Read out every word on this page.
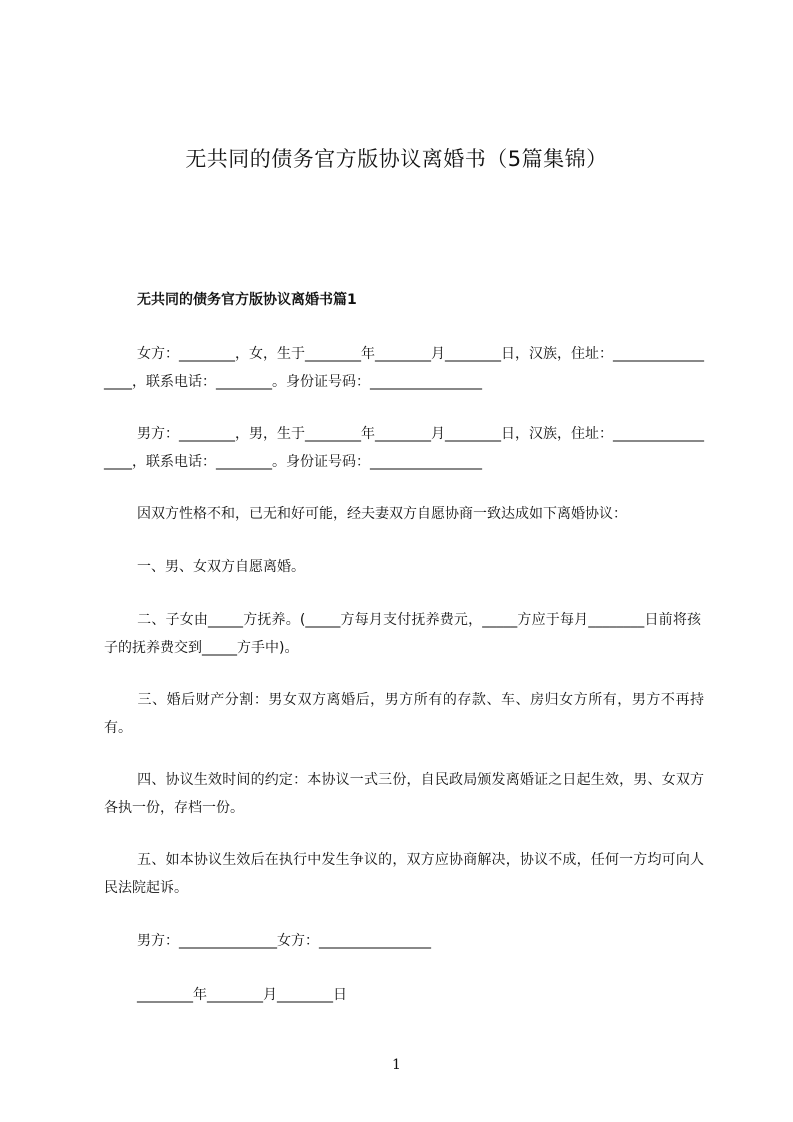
无共同的债务官方版协议离婚书（5篇集锦）
无共同的债务官方版协议离婚书篇1
女方：________，女，生于________年________月________日，汉族，住址：_________________，联系电话：________。身份证号码：________________
男方：________，男，生于________年________月________日，汉族，住址：_________________，联系电话：________。身份证号码：________________
因双方性格不和，已无和好可能，经夫妻双方自愿协商一致达成如下离婚协议：
一、男、女双方自愿离婚。
二、子女由_____方抚养。(_____方每月支付抚养费元，_____方应于每月________日前将孩子的抚养费交到_____方手中)。
三、婚后财产分割：男女双方离婚后，男方所有的存款、车、房归女方所有，男方不再持有。
四、协议生效时间的约定：本协议一式三份，自民政局颁发离婚证之日起生效，男、女双方各执一份，存档一份。
五、如本协议生效后在执行中发生争议的，双方应协商解决，协议不成，任何一方均可向人民法院起诉。
男方：______________女方：________________
________年________月________日
1
